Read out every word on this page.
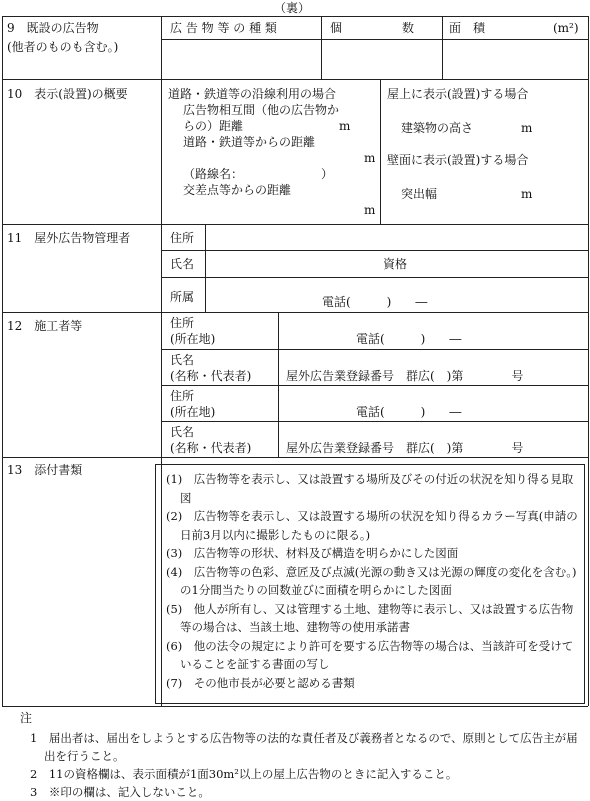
（裏）
9　既設の広告物
(他者のものも含む。)
広 告 物 等 の 種 類	個　　　　　数	面　積	(m²)
10　表示(設置)の概要	道路・鉄道等の沿線利用の場合
広告物相互間（他の広告物か
らの）距離　　　　　　　　m
道路・鉄道等からの距離
m
（路線名：　　　　　　　）
交差点等からの距離
m
屋上に表示(設置)する場合
建築物の高さ　　　　m
壁面に表示(設置)する場合
突出幅　　　　　　　m
11　屋外広告物管理者	住所
氏名	資格
所属	電話(　　　)　　―
12　施工者等	住所
(所在地)	電話(　　　)　　―
氏名
(名称・代表者)	屋外広告業登録番号　群広(　)第　　　　号
住所
(所在地)	電話(　　　)　　―
氏名
(名称・代表者)	屋外広告業登録番号　群広(　)第　　　　号
13　添付書類
(1)　広告物等を表示し、又は設置する場所及びその付近の状況を知り得る見取図
(2)　広告物等を表示し、又は設置する場所の状況を知り得るカラー写真(申請の日前3月以内に撮影したものに限る。)
(3)　広告物等の形状、材料及び構造を明らかにした図面
(4)　広告物等の色彩、意匠及び点滅(光源の動き又は光源の輝度の変化を含む。)の1分間当たりの回数並びに面積を明らかにした図面
(5)　他人が所有し、又は管理する土地、建物等に表示し、又は設置する広告物等の場合は、当該土地、建物等の使用承諾書
(6)　他の法令の規定により許可を要する広告物等の場合は、当該許可を受けていることを証する書面の写し
(7)　その他市長が必要と認める書類
注
1　届出者は、届出をしようとする広告物等の法的な責任者及び義務者となるので、原則として広告主が届出を行うこと。
2　11の資格欄は、表示面積が1面30m²以上の屋上広告物のときに記入すること。
3　※印の欄は、記入しないこと。
